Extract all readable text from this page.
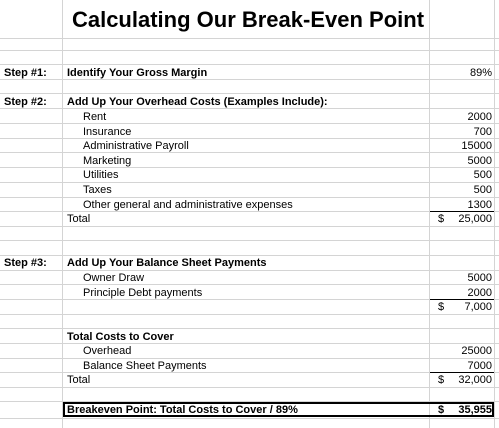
Calculating Our Break-Even Point
Step #1: Identify Your Gross Margin	89%
Step #2: Add Up Your Overhead Costs (Examples Include):
Rent	2000
Insurance	700
Administrative Payroll	15000
Marketing	5000
Utilities	500
Taxes	500
Other general and administrative expenses	1300
Total	$	25,000
Step #3: Add Up Your Balance Sheet Payments
Owner Draw	5000
Principle Debt payments	2000
$	7,000
Total Costs to Cover
Overhead	25000
Balance Sheet Payments	7000
Total	$	32,000
Breakeven Point: Total Costs to Cover / 89%	$	35,955
